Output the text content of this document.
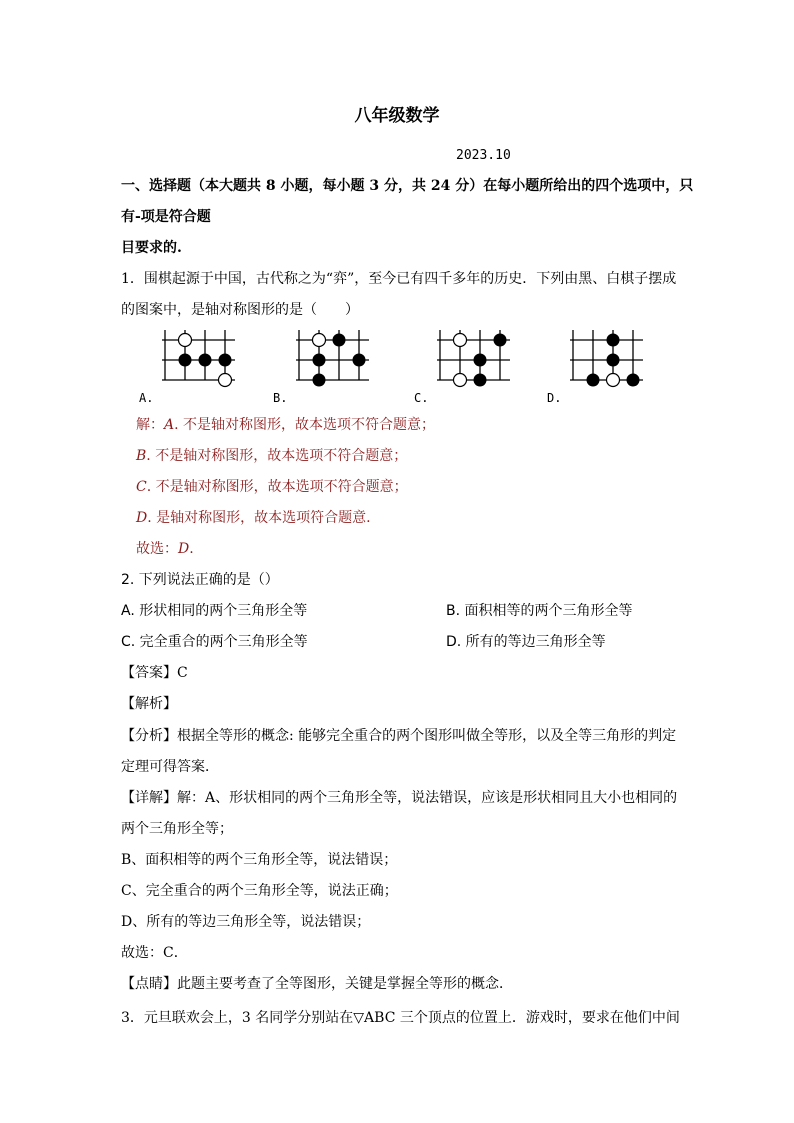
八年级数学
2023.10
一、选择题（本大题共 8 小题，每小题 3 分，共 24 分）在每小题所给出的四个选项中，只
有-项是符合题
目要求的.
1．围棋起源于中国，古代称之为“弈”，至今已有四千多年的历史．下列由黑、白棋子摆成
的图案中，是轴对称图形的是（　　）
A.	B.	C.	D.
解：A. 不是轴对称图形，故本选项不符合题意；
B. 不是轴对称图形，故本选项不符合题意；
C. 不是轴对称图形，故本选项不符合题意；
D. 是轴对称图形，故本选项符合题意.
故选：D.
2. 下列说法正确的是（）
A. 形状相同的两个三角形全等	B. 面积相等的两个三角形全等
C. 完全重合的两个三角形全等	D. 所有的等边三角形全等
【答案】C
【解析】
【分析】根据全等形的概念: 能够完全重合的两个图形叫做全等形，以及全等三角形的判定
定理可得答案．
【详解】解：A、形状相同的两个三角形全等，说法错误，应该是形状相同且大小也相同的
两个三角形全等；
B、面积相等的两个三角形全等，说法错误；
C、完全重合的两个三角形全等，说法正确；
D、所有的等边三角形全等，说法错误；
故选：C．
【点睛】此题主要考查了全等图形，关键是掌握全等形的概念．
3．元旦联欢会上，3 名同学分别站在▽ABC 三个顶点的位置上．游戏时，要求在他们中间
